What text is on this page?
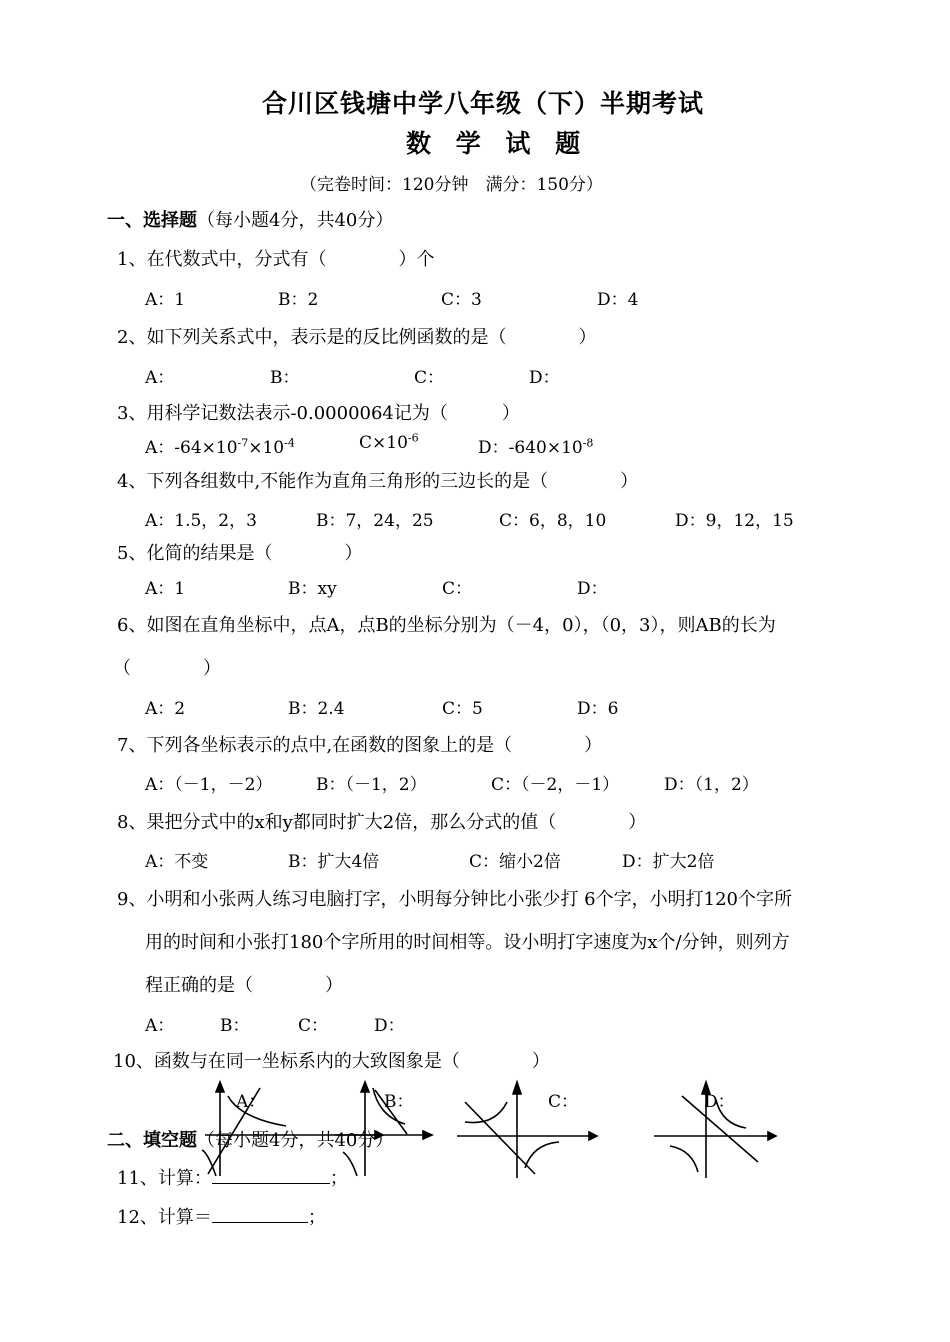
合川区钱塘中学八年级（下）半期考试
数 学 试 题
（完卷时间：120分钟　满分：150分）
一、选择题（每小题4分，共40分）
1、在代数式中，分式有（　　　　）个
A：1	B：2	C：3	D：4
2、如下列关系式中，表示是的反比例函数的是（　　　　）
A：	B：	C：	D：
3、用科学记数法表示-0.0000064记为（　　　）
A：$-64\times 10^{-7}\times 10^{-4}$	$C\times 10^{-6}$
D：$-640\times 10^{-8}$
4、下列各组数中,不能作为直角三角形的三边长的是（　　　　）
A：1.5，2，3	B：7，24，25	C：6，8，10	D：9，12，15
5、化简的结果是（　　　　）
A：1	B：xy	C：	D：
6、如图在直角坐标中，点A，点B的坐标分别为（－4，0），（0，3），则AB的长为
（　　　　）
A：2	B：2.4	C：5	D：6
7、下列各坐标表示的点中,在函数的图象上的是（　　　　）
A：（－1，－2）	B：（－1，2）	C：（－2，－1）	D：（1，2）
8、果把分式中的x和y都同时扩大2倍，那么分式的值（　　　　）
A：不变	B：扩大4倍	C：缩小2倍	D：扩大2倍
9、小明和小张两人练习电脑打字，小明每分钟比小张少打 6个字，小明打120个字所
用的时间和小张打180个字所用的时间相等。设小明打字速度为x个/分钟，则列方
程正确的是（　　　　）
A：	B：	C：	D：
10、函数与在同一坐标系内的大致图象是（　　　　）
A：	B：	C：	D：
二、填空题（每小题4分，共40分）
11、计算：	；
12、计算＝	；
